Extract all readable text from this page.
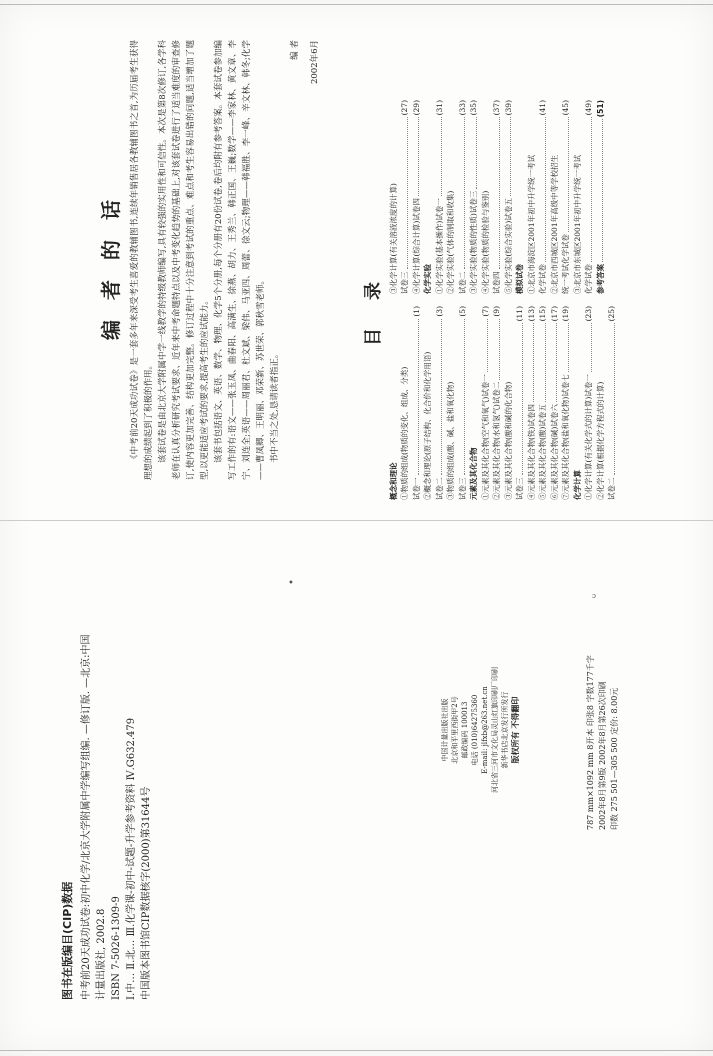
图书在版编目(CIP)数据 中考前20天成功试卷:初中化学/北京大学附属中学编写组编. —修订版. —北京:中国 计量出版社, 2002.8 ISBN 7-5026-1309-9 Ⅰ.中… Ⅱ.北… Ⅲ.化学课-初中-试题-升学参考资料 Ⅳ.G632.479 中国版本图书馆CIP数据核字(2000)第31644号
中国计量出版社出版 北京和平里西街甲2号 邮政编码 100013 电话 (010)64275360 E-mail: jlfxb@263.net.cn 河北省三河市文化局灵山红旗印刷厂印刷 新华书店北京发行所发行 版权所有 不得翻印	787 mm×1092 mm 8开本 印张8 字数177千字 2002年8月第9版 2002年8月第26次印刷 印数 275 501—305 500 定价: 8.00元
编者的话 《中考前20天成功试卷》是一套多年来深受考生喜爱的教辅图书,连续年销售居各教辅图书之首,为历届考生获得理想的成绩起到了积极的作用。 该套试卷是由北京大学附属中学一线教学的特级教师编写,具有较强的实用性和可信性。本次是第8次修订,各学科老师在认真分析研究考试要求、近年来中考命题特点以及中考变化趋势的基础上,对该套试卷进行了适当难度的审查修订,使内容更加完善、结构更加完整。修订过程中十分注意到考试的重点、难点和考生容易出错的问题,适当增加了题型,以更能适应考试的要求,提高考生的应试能力。 该套书包括语文、英语、数学、物理、化学5个分册,每个分册有20份试卷,卷后均附有参考答案。本套试卷参加编写工作的有:语文——张玉凤、曲春阳、高满生、徐燕、胡力、王秀兰、韩正国、王巍;数学——李家林、黄文章、李宁、刘连全;英语——周丽君、杜文斌、梁伟、马亚四、周蕾、徐文云;物理——韩福胜、李一峰、辛文林、韩冬;化学——曹凤卿、王明丽、邓荣新、苏世荣、郭秋雪老师。 书中不当之处,恳请读者指正。

编 者 2002年6月
目录
概念和理论 ①物质的组成(物质的变化、组成、分类) 试卷一
(1)
②概念和理论(原子结构、化合价和化学用语) 试卷二
(3)
③物质的组成(酸、碱、盐和氧化物) 试卷三
(5)
元素及其化合物 ①元素及其化合物(空气和氧气)试卷一
(7)
②元素及其化合物(水和氢气)试卷二
(9)
③元素及其化合物(酸和碱的化合物) 试卷三
(11)
④元素及其化合物(铁)试卷四
(13)
⑤元素及其化合物(酸)试卷五
(15)
⑥元素及其化合物(碱)试卷六
(17)
⑦元素及其化合物(盐和氧化物)试卷七
(19)
化学计算 ①化学计算(有关化学式的计算)试卷一
(23)
②化学计算(根据化学方程式的计算) 试卷二
(25)
③化学计算(有关溶液浓度的计算) 试卷三
(27)
④化学计算(综合计算)试卷四
(29)
化学实验 ①化学实验(基本操作)试卷一
(31)
②化学实验(气体的制取和收集) 试卷二
(33)
③化学实验(物质的性质)试卷三
(35)
④化学实验(物质的检验与鉴别) 试卷四
(37)
⑤化学实验(综合实验)试卷五
(39)
模拟试卷 ①北京市海淀区2001年初中升学统一考试 化学试卷
(41)
②北京市西城区2001年高级中等学校招生 统一考试化学试卷
(45)
③北京市东城区2001年初中升学统一考试 化学试卷
(49)
参考答案
(51)
•
ɔ
